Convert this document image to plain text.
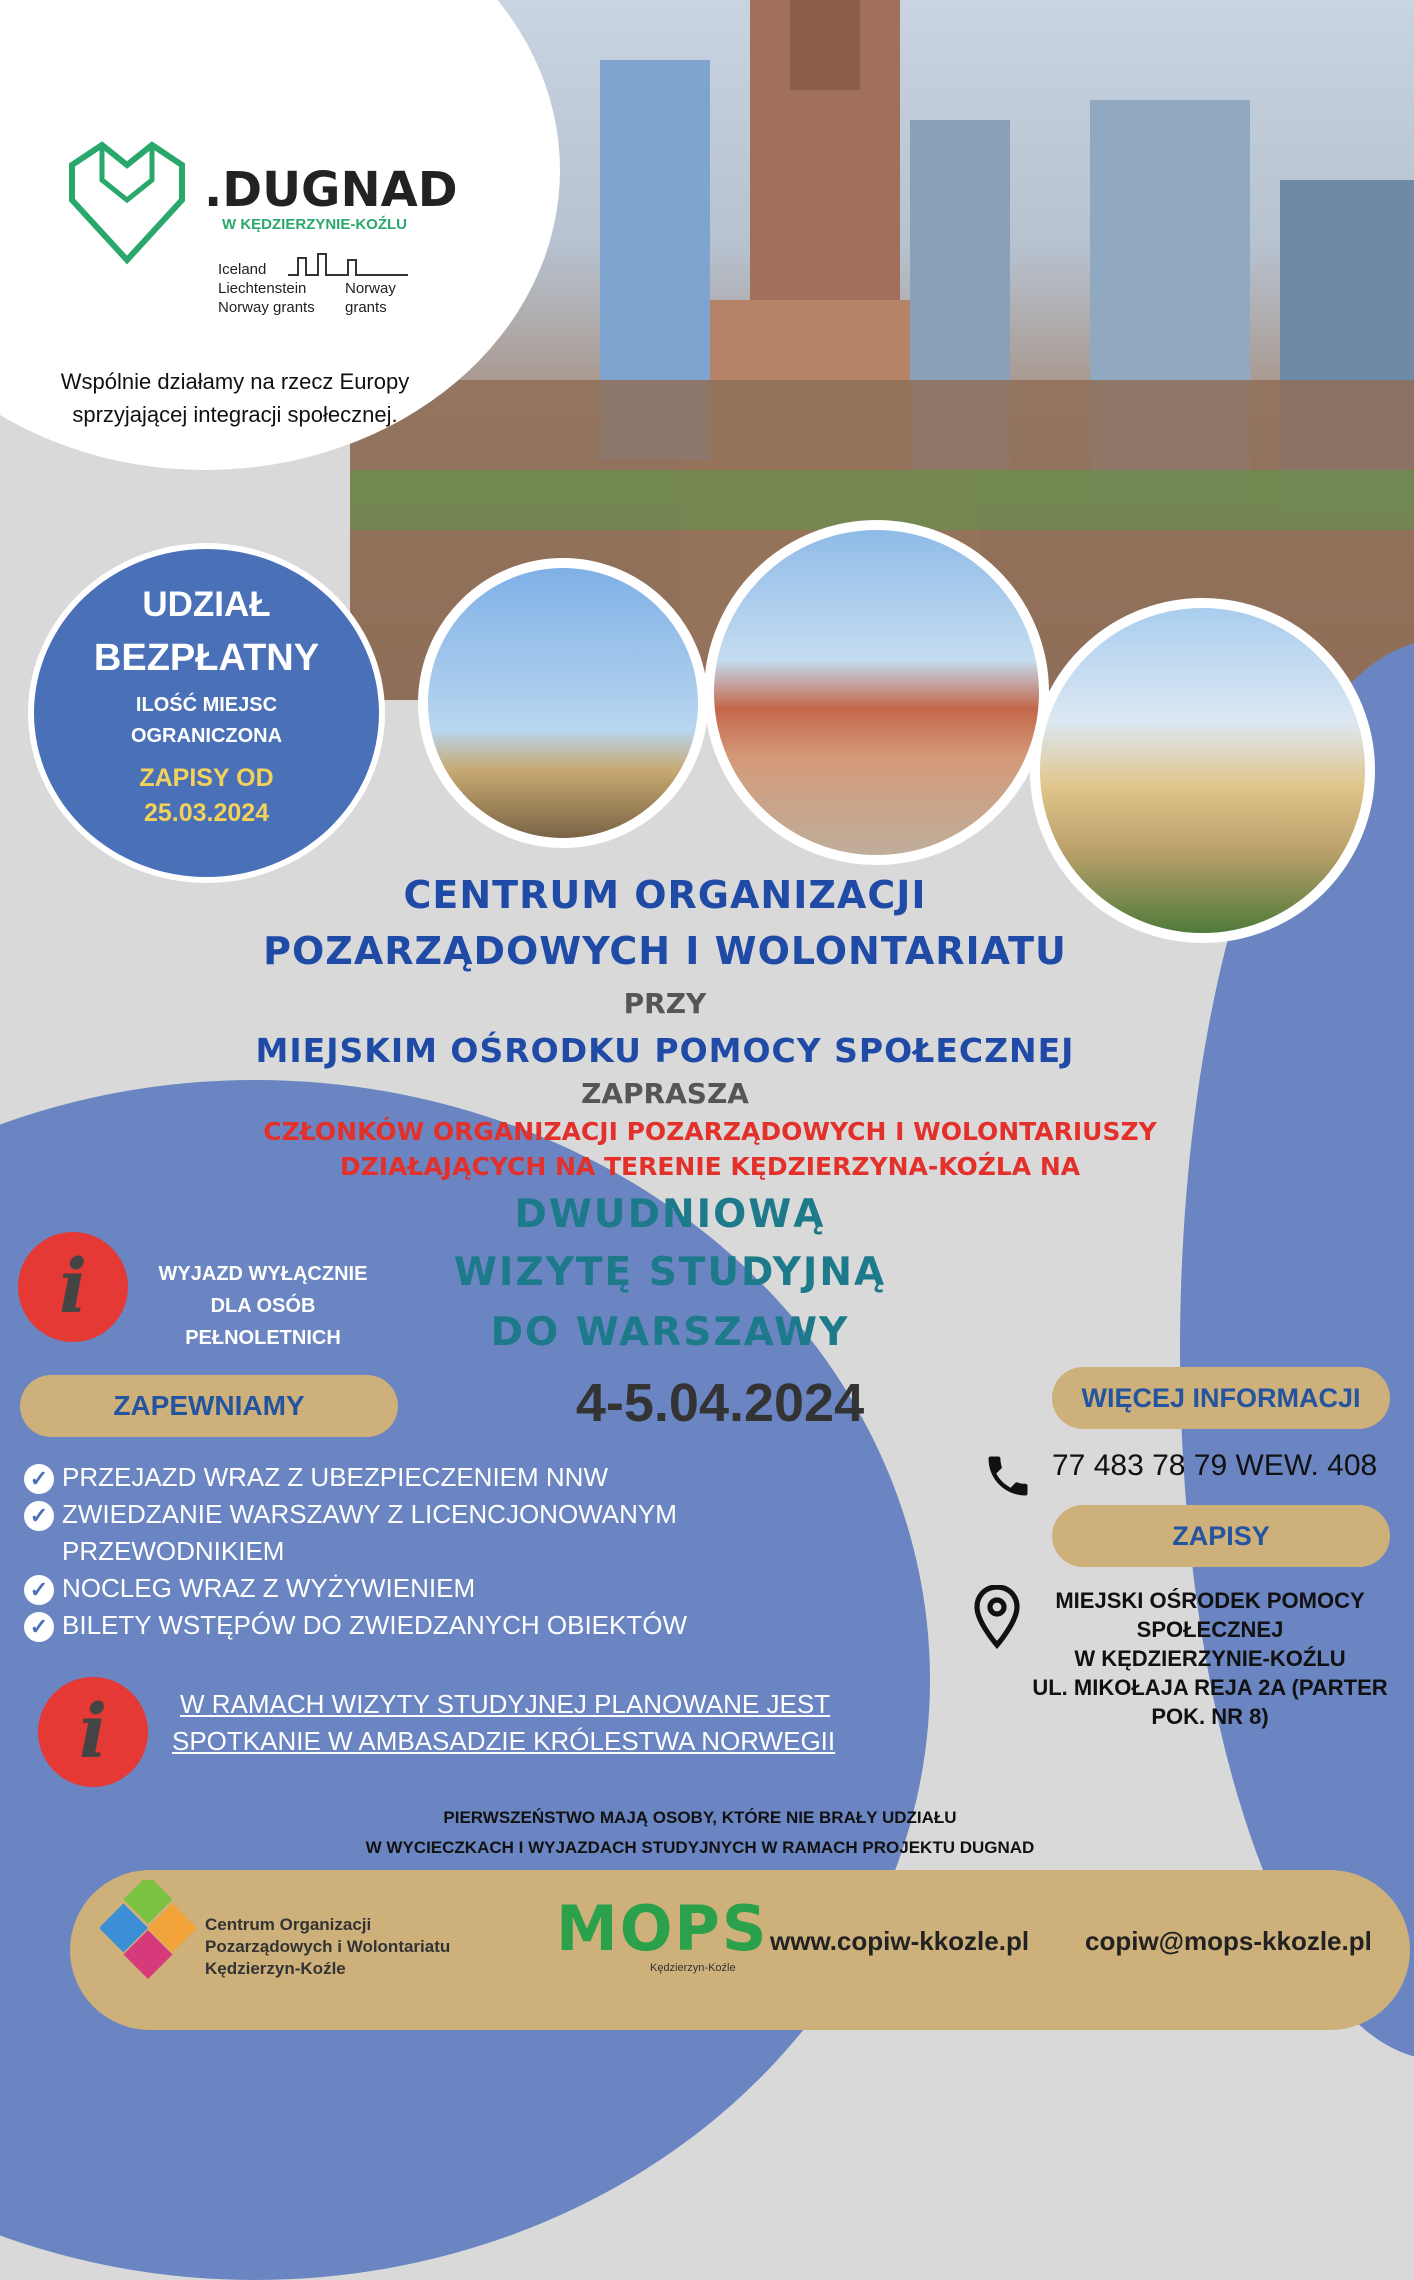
.DUGNAD
W KĘDZIERZYNIE-KOŹLU
Iceland
Liechtenstein
Norway grants
Norway
grants
Wspólnie działamy na rzecz Europy
sprzyjającej integracji społecznej.
UDZIAŁ
BEZPŁATNY
ILOŚĆ MIEJSC
OGRANICZONA
ZAPISY OD
25.03.2024
CENTRUM ORGANIZACJI
POZARZĄDOWYCH I WOLONTARIATU
PRZY
MIEJSKIM OŚRODKU POMOCY SPOŁECZNEJ
ZAPRASZA
CZŁONKÓW ORGANIZACJI POZARZĄDOWYCH I WOLONTARIUSZY
DZIAŁAJĄCYCH NA TERENIE KĘDZIERZYNA-KOŹLA NA
DWUDNIOWĄ
WIZYTĘ STUDYJNĄ
DO WARSZAWY
4-5.04.2024
i	WYJAZD WYŁĄCZNIE
DLA OSÓB
PEŁNOLETNICH
ZAPEWNIAMY
✓ PRZEJAZD WRAZ Z UBEZPIECZENIEM NNW
✓ ZWIEDZANIE WARSZAWY Z LICENCJONOWANYM
PRZEWODNIKIEM
✓ NOCLEG WRAZ Z WYŻYWIENIEM
✓ BILETY WSTĘPÓW DO ZWIEDZANYCH OBIEKTÓW
i	W RAMACH WIZYTY STUDYJNEJ PLANOWANE JEST
SPOTKANIE W AMBASADZIE KRÓLESTWA NORWEGII
WIĘCEJ INFORMACJI
77 483 78 79 WEW. 408
ZAPISY
MIEJSKI OŚRODEK POMOCY
SPOŁECZNEJ
W KĘDZIERZYNIE-KOŹLU
UL. MIKOŁAJA REJA 2A (PARTER
POK. NR 8)
PIERWSZEŃSTWO MAJĄ OSOBY, KTÓRE NIE BRAŁY UDZIAŁU
W WYCIECZKACH I WYJAZDACH STUDYJNYCH W RAMACH PROJEKTU DUGNAD
Centrum Organizacji
Pozarządowych i Wolontariatu
Kędzierzyn-Koźle
MOPS
Kędzierzyn-Koźle
www.copiw-kkozle.pl copiw@mops-kkozle.pl
